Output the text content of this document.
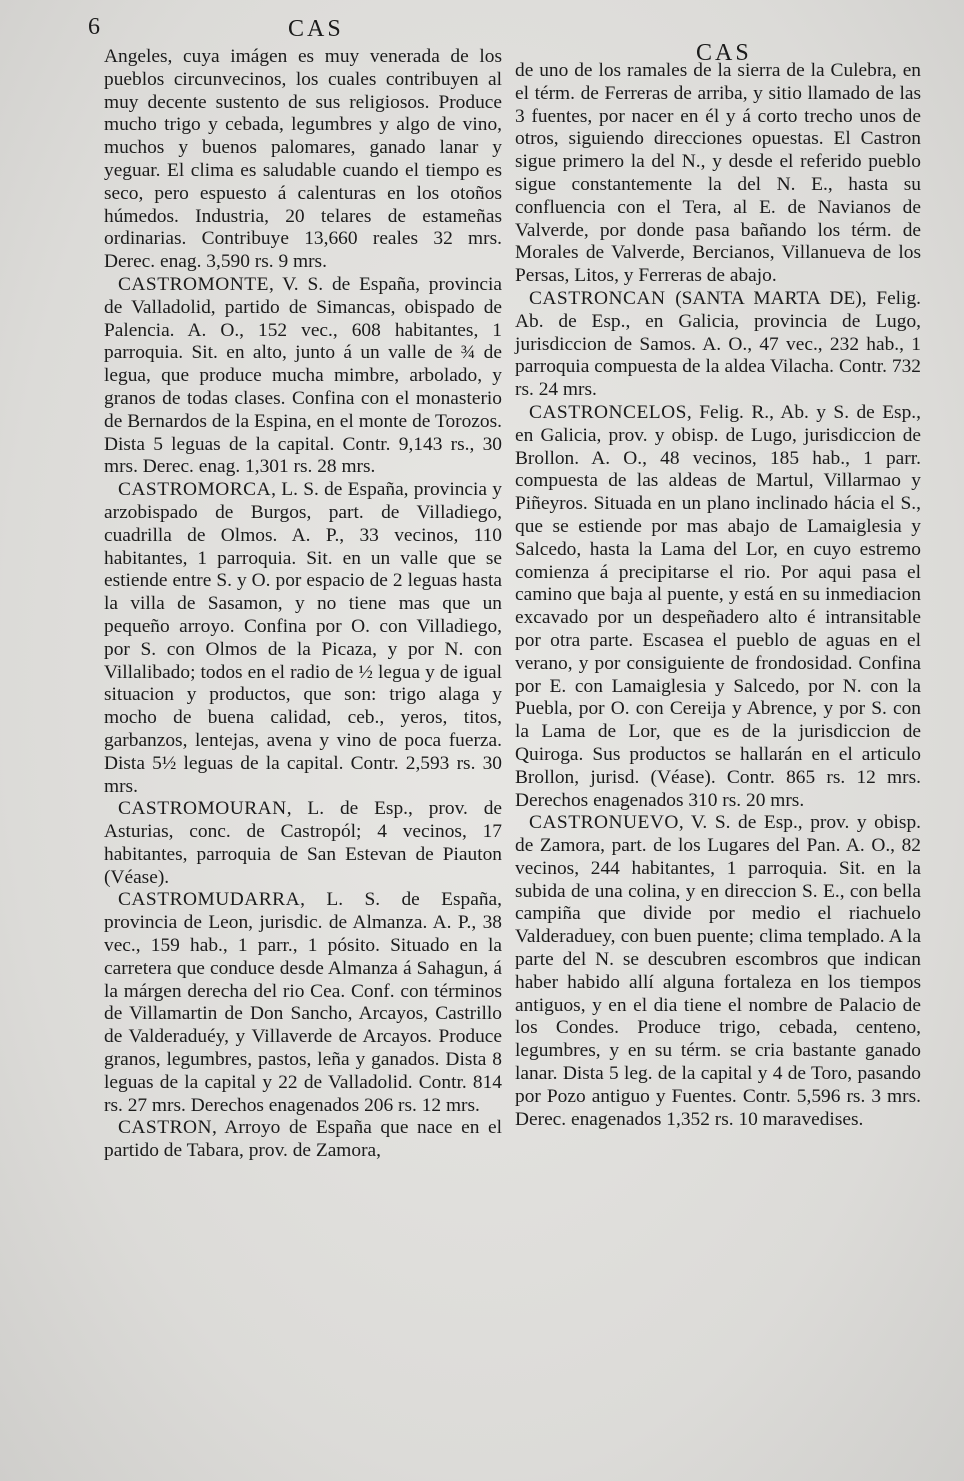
6	CAS
CAS

Angeles, cuya imágen es muy venerada de los pueblos circunvecinos, los cuales contribuyen al muy decente sustento de sus religiosos. Produce mucho trigo y cebada, legumbres y algo de vino, muchos y buenos palomares, ganado lanar y yeguar. El clima es saludable cuando el tiempo es seco, pero espuesto á calenturas en los otoños húmedos. Industria, 20 telares de estameñas ordinarias. Contribuye 13,660 reales 32 mrs. Derec. enag. 3,590 rs. 9 mrs.

CASTROMONTE, V. S. de España, provincia de Valladolid, partido de Simancas, obispado de Palencia. A. O., 152 vec., 608 habitantes, 1 parroquia. Sit. en alto, junto á un valle de ¾ de legua, que produce mucha mimbre, arbolado, y granos de todas clases. Confina con el monasterio de Bernardos de la Espina, en el monte de Torozos. Dista 5 leguas de la capital. Contr. 9,143 rs., 30 mrs. Derec. enag. 1,301 rs. 28 mrs.

CASTROMORCA, L. S. de España, provincia y arzobispado de Burgos, part. de Villadiego, cuadrilla de Olmos. A. P., 33 vecinos, 110 habitantes, 1 parroquia. Sit. en un valle que se estiende entre S. y O. por espacio de 2 leguas hasta la villa de Sasamon, y no tiene mas que un pequeño arroyo. Confina por O. con Villadiego, por S. con Olmos de la Picaza, y por N. con Villalibado; todos en el radio de ½ legua y de igual situacion y productos, que son: trigo alaga y mocho de buena calidad, ceb., yeros, titos, garbanzos, lentejas, avena y vino de poca fuerza. Dista 5½ leguas de la capital. Contr. 2,593 rs. 30 mrs.

CASTROMOURAN, L. de Esp., prov. de Asturias, conc. de Castropól; 4 vecinos, 17 habitantes, parroquia de San Estevan de Piauton (Véase).

CASTROMUDARRA, L. S. de España, provincia de Leon, jurisdic. de Almanza. A. P., 38 vec., 159 hab., 1 parr., 1 pósito. Situado en la carretera que conduce desde Almanza á Sahagun, á la márgen derecha del rio Cea. Conf. con términos de Villamartin de Don Sancho, Arcayos, Castrillo de Valderaduéy, y Villaverde de Arcayos. Produce granos, legumbres, pastos, leña y ganados. Dista 8 leguas de la capital y 22 de Valladolid. Contr. 814 rs. 27 mrs. Derechos enagenados 206 rs. 12 mrs.

CASTRON, Arroyo de España que nace en el partido de Tabara, prov. de Zamora,

de uno de los ramales de la sierra de la Culebra, en el térm. de Ferreras de arriba, y sitio llamado de las 3 fuentes, por nacer en él y á corto trecho unos de otros, siguiendo direcciones opuestas. El Castron sigue primero la del N., y desde el referido pueblo sigue constantemente la del N. E., hasta su confluencia con el Tera, al E. de Navianos de Valverde, por donde pasa bañando los térm. de Morales de Valverde, Bercianos, Villanueva de los Persas, Litos, y Ferreras de abajo.

CASTRONCAN (SANTA MARTA DE), Felig. Ab. de Esp., en Galicia, provincia de Lugo, jurisdiccion de Samos. A. O., 47 vec., 232 hab., 1 parroquia compuesta de la aldea Vilacha. Contr. 732 rs. 24 mrs.

CASTRONCELOS, Felig. R., Ab. y S. de Esp., en Galicia, prov. y obisp. de Lugo, jurisdiccion de Brollon. A. O., 48 vecinos, 185 hab., 1 parr. compuesta de las aldeas de Martul, Villarmao y Piñeyros. Situada en un plano inclinado hácia el S., que se estiende por mas abajo de Lamaiglesia y Salcedo, hasta la Lama del Lor, en cuyo estremo comienza á precipitarse el rio. Por aqui pasa el camino que baja al puente, y está en su inmediacion excavado por un despeñadero alto é intransitable por otra parte. Escasea el pueblo de aguas en el verano, y por consiguiente de frondosidad. Confina por E. con Lamaiglesia y Salcedo, por N. con la Puebla, por O. con Cereija y Abrence, y por S. con la Lama de Lor, que es de la jurisdiccion de Quiroga. Sus productos se hallarán en el articulo Brollon, jurisd. (Véase). Contr. 865 rs. 12 mrs. Derechos enagenados 310 rs. 20 mrs.

CASTRONUEVO, V. S. de Esp., prov. y obisp. de Zamora, part. de los Lugares del Pan. A. O., 82 vecinos, 244 habitantes, 1 parroquia. Sit. en la subida de una colina, y en direccion S. E., con bella campiña que divide por medio el riachuelo Valderaduey, con buen puente; clima templado. A la parte del N. se descubren escombros que indican haber habido allí alguna fortaleza en los tiempos antiguos, y en el dia tiene el nombre de Palacio de los Condes. Produce trigo, cebada, centeno, legumbres, y en su térm. se cria bastante ganado lanar. Dista 5 leg. de la capital y 4 de Toro, pasando por Pozo antiguo y Fuentes. Contr. 5,596 rs. 3 mrs. Derec. enagenados 1,352 rs. 10 maravedises.
